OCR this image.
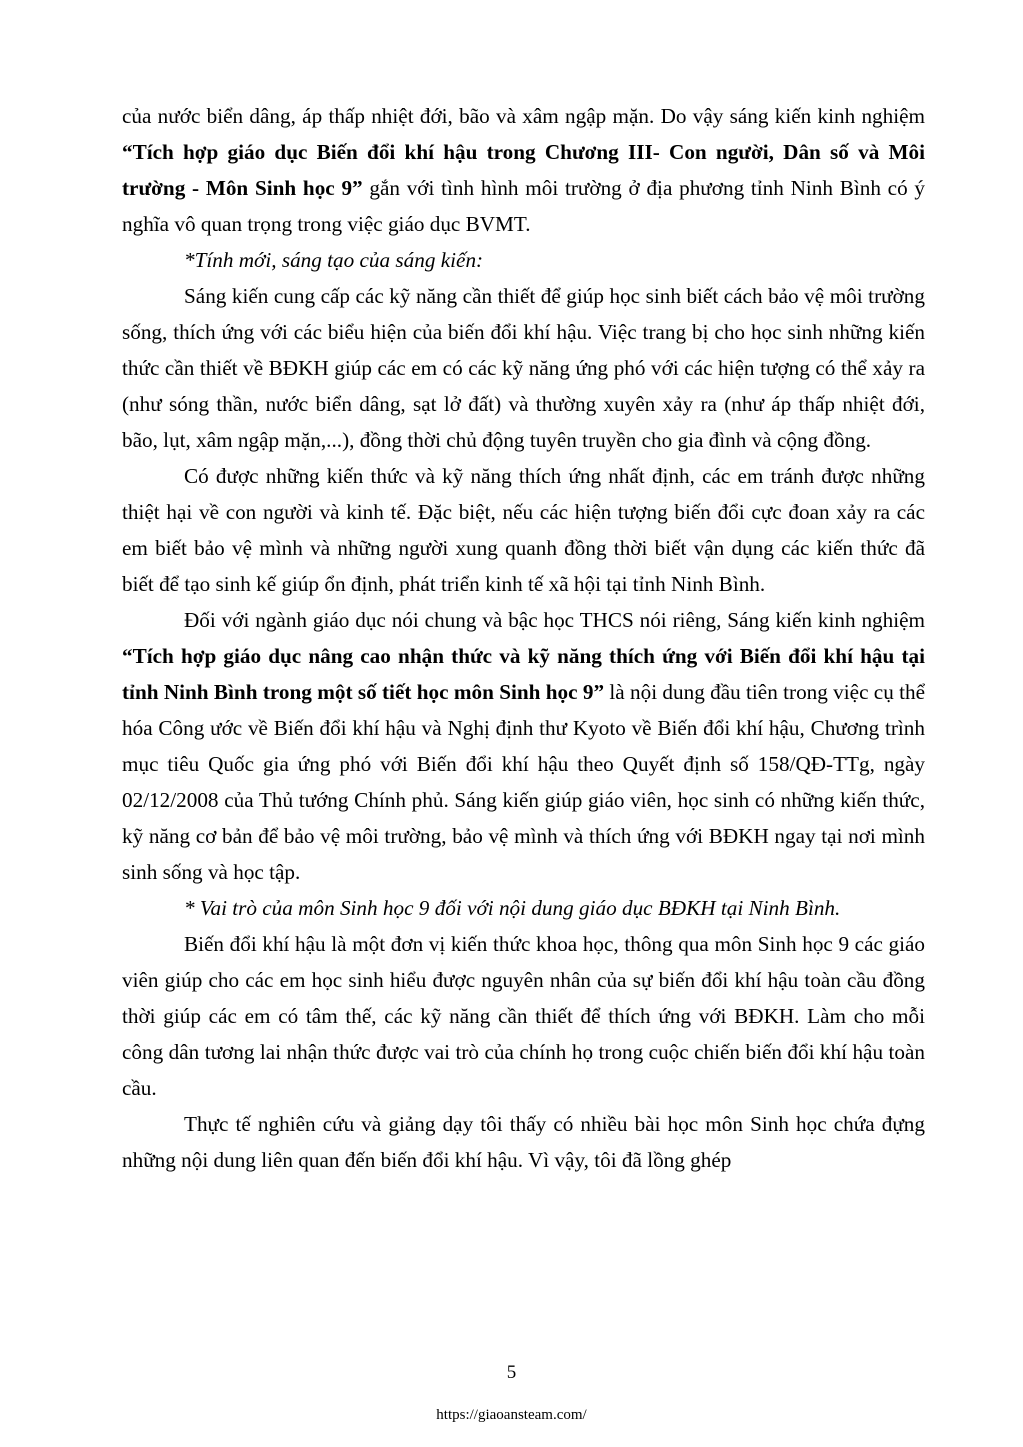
của nước biển dâng, áp thấp nhiệt đới, bão và xâm ngập mặn. Do vậy sáng kiến kinh nghiệm “Tích hợp giáo dục Biến đổi khí hậu trong Chương III- Con người, Dân số và Môi trường - Môn Sinh học 9” gắn với tình hình môi trường ở địa phương tỉnh Ninh Bình có ý nghĩa vô quan trọng trong việc giáo dục BVMT.

*Tính mới, sáng tạo của sáng kiến:

Sáng kiến cung cấp các kỹ năng cần thiết để giúp học sinh biết cách bảo vệ môi trường sống, thích ứng với các biểu hiện của biến đổi khí hậu. Việc trang bị cho học sinh những kiến thức cần thiết về BĐKH giúp các em có các kỹ năng ứng phó với các hiện tượng có thể xảy ra (như sóng thần, nước biển dâng, sạt lở đất) và thường xuyên xảy ra (như áp thấp nhiệt đới, bão, lụt, xâm ngập mặn,...), đồng thời chủ động tuyên truyền cho gia đình và cộng đồng.

Có được những kiến thức và kỹ năng thích ứng nhất định, các em tránh được những thiệt hại về con người và kinh tế. Đặc biệt, nếu các hiện tượng biến đổi cực đoan xảy ra các em biết bảo vệ mình và những người xung quanh đồng thời biết vận dụng các kiến thức đã biết để tạo sinh kế giúp ổn định, phát triển kinh tế xã hội tại tỉnh Ninh Bình.

Đối với ngành giáo dục nói chung và bậc học THCS nói riêng, Sáng kiến kinh nghiệm “Tích hợp giáo dục nâng cao nhận thức và kỹ năng thích ứng với Biến đổi khí hậu tại tỉnh Ninh Bình trong một số tiết học môn Sinh học 9” là nội dung đầu tiên trong việc cụ thể hóa Công ước về Biến đổi khí hậu và Nghị định thư Kyoto về Biến đổi khí hậu, Chương trình mục tiêu Quốc gia ứng phó với Biến đổi khí hậu theo Quyết định số 158/QĐ-TTg, ngày 02/12/2008 của Thủ tướng Chính phủ. Sáng kiến giúp giáo viên, học sinh có những kiến thức, kỹ năng cơ bản để bảo vệ môi trường, bảo vệ mình và thích ứng với BĐKH ngay tại nơi mình sinh sống và học tập.

* Vai trò của môn Sinh học 9 đối với nội dung giáo dục BĐKH tại Ninh Bình.

Biến đổi khí hậu là một đơn vị kiến thức khoa học, thông qua môn Sinh học 9 các giáo viên giúp cho các em học sinh hiểu được nguyên nhân của sự biến đổi khí hậu toàn cầu đồng thời giúp các em có tâm thế, các kỹ năng cần thiết để thích ứng với BĐKH. Làm cho mỗi công dân tương lai nhận thức được vai trò của chính họ trong cuộc chiến biến đổi khí hậu toàn cầu.

Thực tế nghiên cứu và giảng dạy tôi thấy có nhiều bài học môn Sinh học chứa đựng những nội dung liên quan đến biến đổi khí hậu. Vì vậy, tôi đã lồng ghép

5
https://giaoansteam.com/
